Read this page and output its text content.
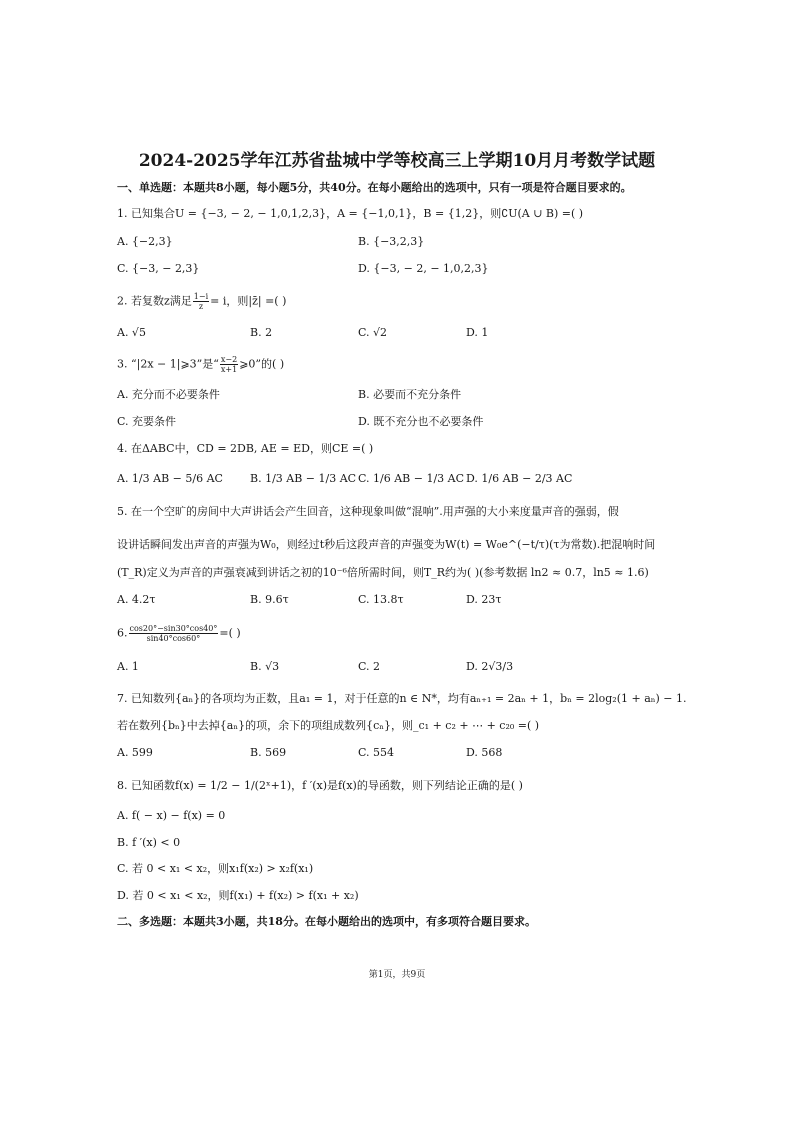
2024-2025学年江苏省盐城中学等校高三上学期10月月考数学试题
一、单选题：本题共8小题，每小题5分，共40分。在每小题给出的选项中，只有一项是符合题目要求的。
1. 已知集合U = {−3, − 2, − 1,0,1,2,3}，A = {−1,0,1}，B = {1,2}，则∁U(A ∪ B) =( )
A. {−2,3}	B. {−3,2,3}
C. {−3, − 2,3}	D. {−3, − 2, − 1,0,2,3}
2. 若复数z满足 $\frac{1-i}{z} = i$，则|z̄| =( )
A. √5	B. 2	C. √2	D. 1
3. “|2x − 1|⩾3”是“ $\frac{x-2}{x+1}$ ⩾0”的( )
A. 充分而不必要条件	B. 必要而不充分条件
C. 充要条件	D. 既不充分也不必要条件
4. 在ΔABC中，CD = 2DB, AE = ED，则CE =( )
A. 1/3 AB − 5/6 AC B. 1/3 AB − 1/3 AC C. 1/6 AB − 1/3 AC D. 1/6 AB − 2/3 AC
5. 在一个空旷的房间中大声讲话会产生回音，这种现象叫做“混响”.用声强的大小来度量声音的强弱，假
设讲话瞬间发出声音的声强为W₀，则经过t秒后这段声音的声强变为W(t) = W₀e^(−t/τ)(τ为常数).把混响时间
(T_R)定义为声音的声强衰减到讲话之初的10⁻⁶倍所需时间，则T_R约为( )(参考数据 ln2 ≈ 0.7，ln5 ≈ 1.6)
A. 4.2τ	B. 9.6τ	C. 13.8τ	D. 23τ
6. $\frac{\cos 20^\circ-\sin 30^\circ\cos 40^\circ}{\sin 40^\circ\cos 60^\circ}$ =( )
A. 1	B. √3	C. 2	D. 2√3/3
7. 已知数列{aₙ}的各项均为正数，且a₁ = 1，对于任意的n ∈ N*，均有aₙ₊₁ = 2aₙ + 1，bₙ = 2log₂(1 + aₙ) − 1.
若在数列{bₙ}中去掉{aₙ}的项，余下的项组成数列{cₙ}，则_c₁ + c₂ + ⋯ + c₂₀ =( )
A. 599	B. 569	C. 554	D. 568
8. 已知函数f(x) = 1/2 − 1/(2ˣ+1)，f ′(x)是f(x)的导函数，则下列结论正确的是( )
A. f( − x) − f(x) = 0
B. f ′(x) < 0
C. 若 0 < x₁ < x₂，则x₁f(x₂) > x₂f(x₁)
D. 若 0 < x₁ < x₂，则f(x₁) + f(x₂) > f(x₁ + x₂)
二、多选题：本题共3小题，共18分。在每小题给出的选项中，有多项符合题目要求。
第1页，共9页
